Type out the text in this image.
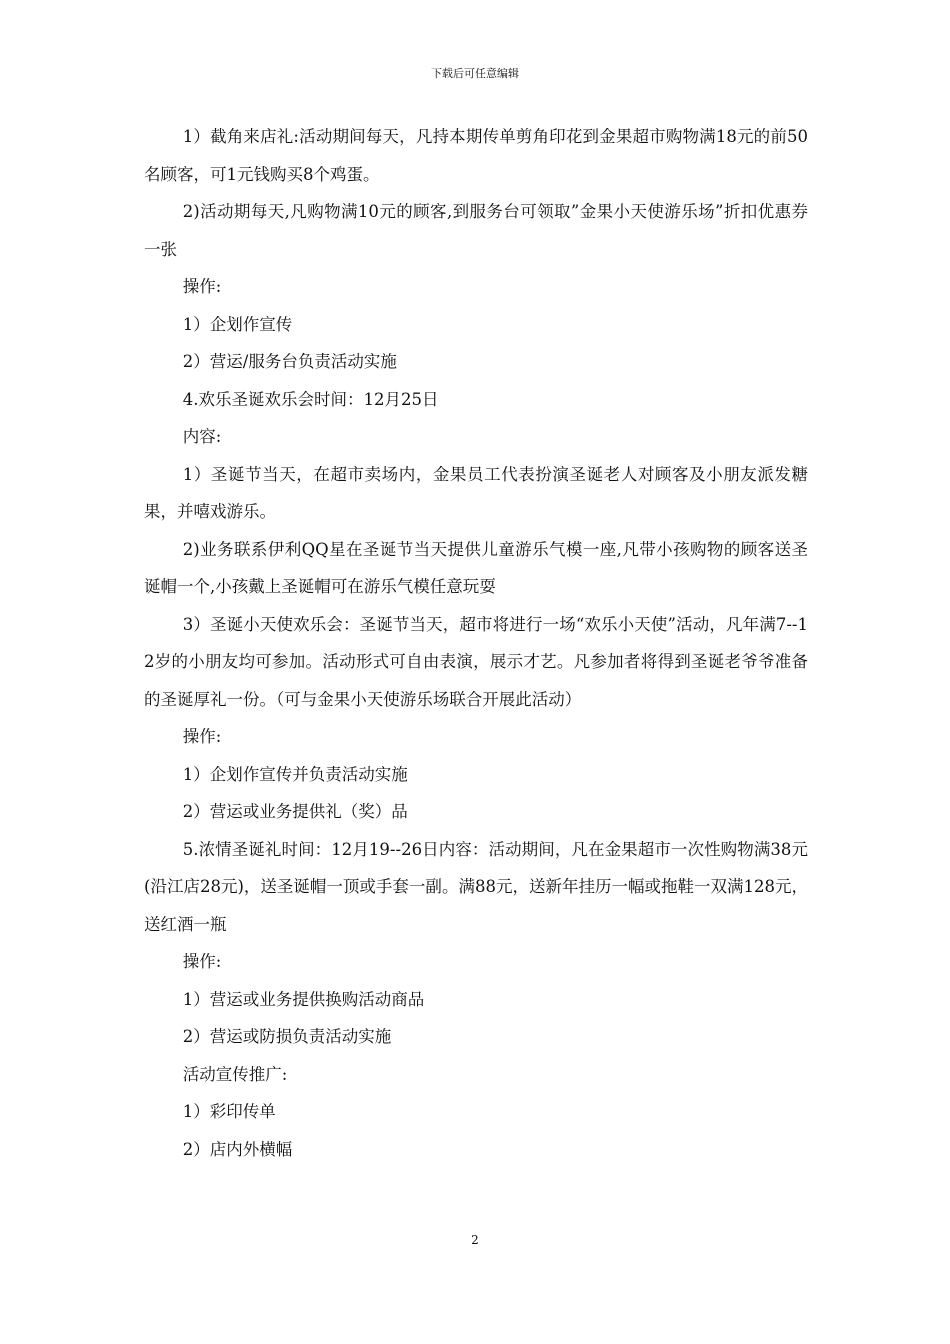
下载后可任意编辑

1）截角来店礼:活动期间每天，凡持本期传单剪角印花到金果超市购物满18元的前50名顾客，可1元钱购买8个鸡蛋。

2)活动期每天,凡购物满10元的顾客,到服务台可领取”金果小天使游乐场”折扣优惠券一张

操作:

1）企划作宣传

2）营运/服务台负责活动实施

4.欢乐圣诞欢乐会时间：12月25日

内容:

1）圣诞节当天，在超市卖场内，金果员工代表扮演圣诞老人对顾客及小朋友派发糖果，并嘻戏游乐。

2)业务联系伊利QQ星在圣诞节当天提供儿童游乐气模一座,凡带小孩购物的顾客送圣诞帽一个,小孩戴上圣诞帽可在游乐气模任意玩耍

3）圣诞小天使欢乐会：圣诞节当天，超市将进行一场“欢乐小天使”活动，凡年满7--12岁的小朋友均可参加。活动形式可自由表演，展示才艺。凡参加者将得到圣诞老爷爷准备的圣诞厚礼一份。（可与金果小天使游乐场联合开展此活动）

操作:

1）企划作宣传并负责活动实施

2）营运或业务提供礼（奖）品

5.浓情圣诞礼时间：12月19--26日内容：活动期间，凡在金果超市一次性购物满38元(沿江店28元)，送圣诞帽一顶或手套一副。满88元，送新年挂历一幅或拖鞋一双满128元，送红酒一瓶

操作:

1）营运或业务提供换购活动商品

2）营运或防损负责活动实施

活动宣传推广:

1）彩印传单

2）店内外横幅

2
